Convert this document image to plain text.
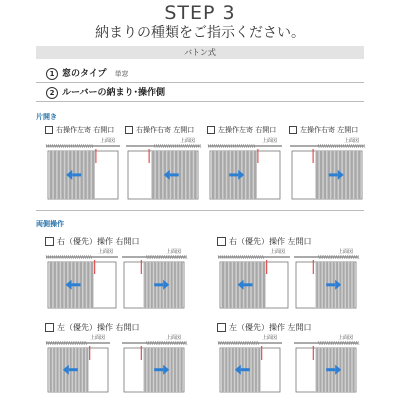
STEP 3
納まりの種類をご指示ください。
バトン式
1 窓のタイプ 単窓
2 ルーバーの納まり･操作側
片開き
右操作左寄 右開口	右操作右寄 左開口	左操作左寄 右開口	左操作右寄 左開口
両側操作
右（優先）操作 右開口	右（優先）操作 左開口
左（優先）操作 右開口	左（優先）操作 左開口
上面図	上面図	上面図	上面図
上面図	上面図	上面図	上面図
上面図	上面図	上面図	上面図
